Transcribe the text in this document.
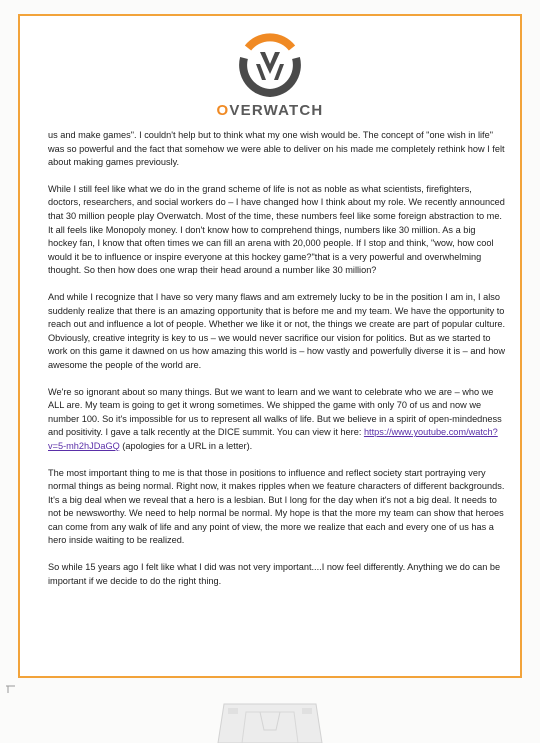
OVERWATCH

us and make games". I couldn't help but to think what my one wish would be. The concept of "one wish in life" was so powerful and the fact that somehow we were able to deliver on his made me completely rethink how I felt about making games previously.

While I still feel like what we do in the grand scheme of life is not as noble as what scientists, firefighters, doctors, researchers, and social workers do – I have changed how I think about my role. We recently announced that 30 million people play Overwatch. Most of the time, these numbers feel like some foreign abstraction to me. It all feels like Monopoly money. I don't know how to comprehend things, numbers like 30 million. As a big hockey fan, I know that often times we can fill an arena with 20,000 people. If I stop and think, "wow, how cool would it be to influence or inspire everyone at this hockey game?"that is a very powerful and overwhelming thought. So then how does one wrap their head around a number like 30 million?

And while I recognize that I have so very many flaws and am extremely lucky to be in the position I am in, I also suddenly realize that there is an amazing opportunity that is before me and my team. We have the opportunity to reach out and influence a lot of people. Whether we like it or not, the things we create are part of popular culture. Obviously, creative integrity is key to us – we would never sacrifice our vision for politics. But as we started to work on this game it dawned on us how amazing this world is – how vastly and powerfully diverse it is – and how awesome the people of the world are.

We're so ignorant about so many things. But we want to learn and we want to celebrate who we are – who we ALL are. My team is going to get it wrong sometimes. We shipped the game with only 70 of us and now we number 100. So it's impossible for us to represent all walks of life. But we believe in a spirit of open-mindedness and positivity. I gave a talk recently at the DICE summit. You can view it here: https://www.youtube.com/watch?v=5-mh2hJDaGQ (apologies for a URL in a letter).

The most important thing to me is that those in positions to influence and reflect society start portraying very normal things as being normal. Right now, it makes ripples when we feature characters of different backgrounds. It's a big deal when we reveal that a hero is a lesbian. But I long for the day when it's not a big deal. It needs to not be newsworthy. We need to help normal be normal. My hope is that the more my team can show that heroes can come from any walk of life and any point of view, the more we realize that each and every one of us has a hero inside waiting to be realized.

So while 15 years ago I felt like what I did was not very important....I now feel differently. Anything we do can be important if we decide to do the right thing.
